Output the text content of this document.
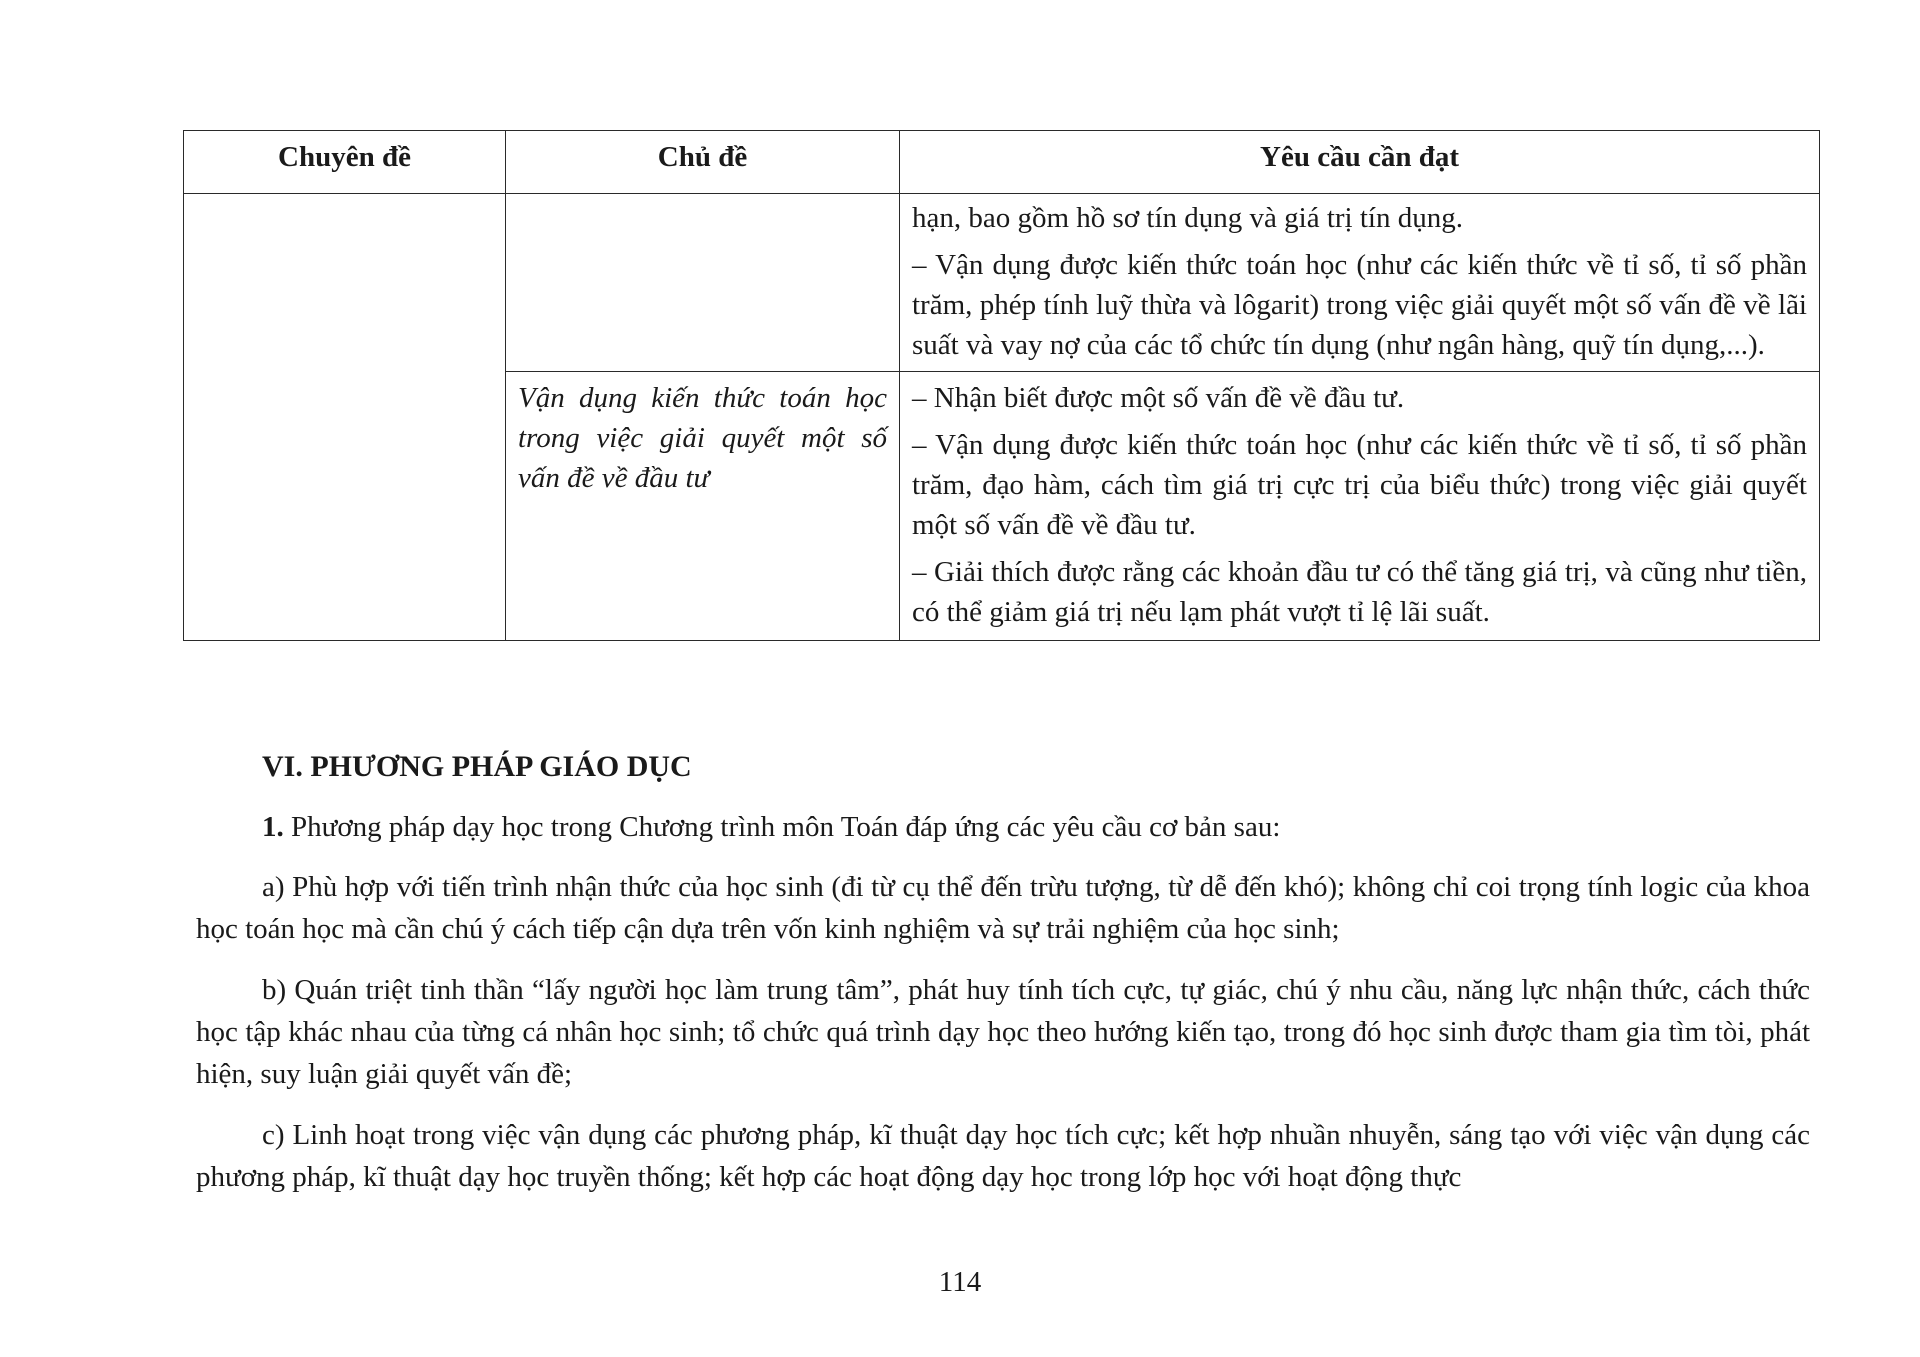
Chuyên đề	Chủ đề	Yêu cầu cần đạt

		hạn, bao gồm hồ sơ tín dụng và giá trị tín dụng.

– Vận dụng được kiến thức toán học (như các kiến thức về tỉ số, tỉ số phần trăm, phép tính luỹ thừa và lôgarit) trong việc giải quyết một số vấn đề về lãi suất và vay nợ của các tổ chức tín dụng (như ngân hàng, quỹ tín dụng,...).

	Vận dụng kiến thức toán học trong việc giải quyết một số vấn đề về đầu tư	– Nhận biết được một số vấn đề về đầu tư.

– Vận dụng được kiến thức toán học (như các kiến thức về tỉ số, tỉ số phần trăm, đạo hàm, cách tìm giá trị cực trị của biểu thức) trong việc giải quyết một số vấn đề về đầu tư.

– Giải thích được rằng các khoản đầu tư có thể tăng giá trị, và cũng như tiền, có thể giảm giá trị nếu lạm phát vượt tỉ lệ lãi suất.

VI. PHƯƠNG PHÁP GIÁO DỤC

1. Phương pháp dạy học trong Chương trình môn Toán đáp ứng các yêu cầu cơ bản sau:

a) Phù hợp với tiến trình nhận thức của học sinh (đi từ cụ thể đến trừu tượng, từ dễ đến khó); không chỉ coi trọng tính logic của khoa học toán học mà cần chú ý cách tiếp cận dựa trên vốn kinh nghiệm và sự trải nghiệm của học sinh;

b) Quán triệt tinh thần “lấy người học làm trung tâm”, phát huy tính tích cực, tự giác, chú ý nhu cầu, năng lực nhận thức, cách thức học tập khác nhau của từng cá nhân học sinh; tổ chức quá trình dạy học theo hướng kiến tạo, trong đó học sinh được tham gia tìm tòi, phát hiện, suy luận giải quyết vấn đề;

c) Linh hoạt trong việc vận dụng các phương pháp, kĩ thuật dạy học tích cực; kết hợp nhuần nhuyễn, sáng tạo với việc vận dụng các phương pháp, kĩ thuật dạy học truyền thống; kết hợp các hoạt động dạy học trong lớp học với hoạt động thực

114
